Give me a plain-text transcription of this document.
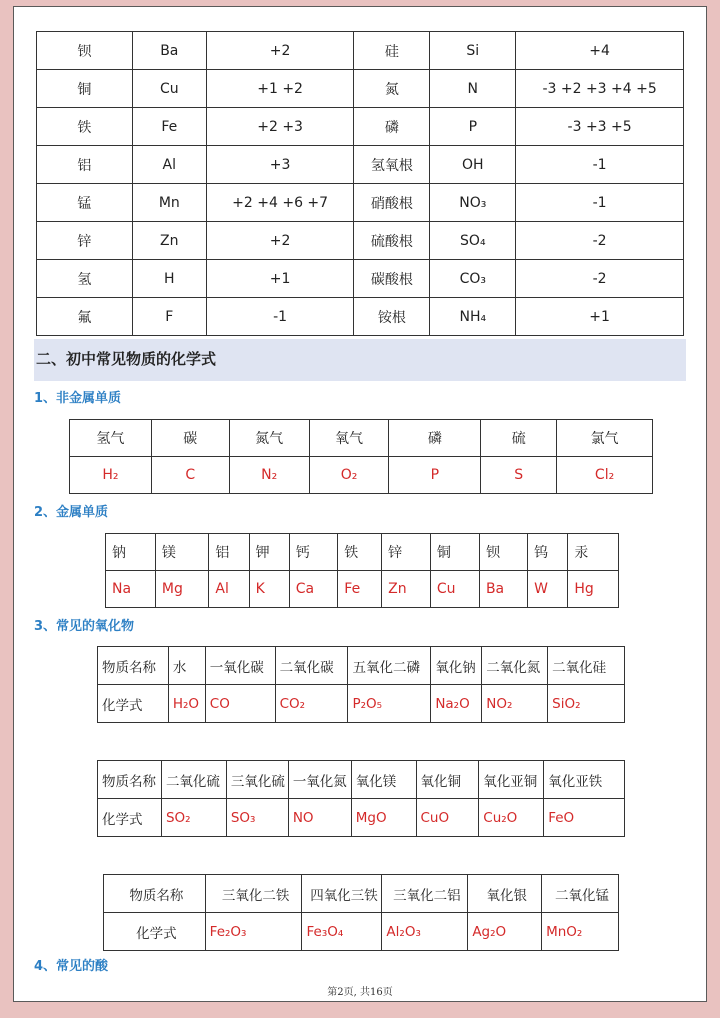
钡	Ba	+2	硅	Si	+4
铜	Cu	+1 +2	氮	N	-3 +2 +3 +4 +5
铁	Fe	+2 +3	磷	P	-3 +3 +5
铝	Al	+3	氢氧根	OH	-1
锰	Mn	+2 +4 +6 +7	硝酸根	NO₃	-1
锌	Zn	+2	硫酸根	SO₄	-2
氢	H	+1	碳酸根	CO₃	-2
氟	F	-1	铵根	NH₄	+1
二、初中常见物质的化学式
1、非金属单质
氢气	碳	氮气	氧气	磷	硫	氯气
H₂	C	N₂	O₂	P	S	Cl₂
2、金属单质
钠	镁	铝	钾	钙	铁	锌	铜	钡	钨	汞
Na	Mg	Al	K	Ca	Fe	Zn	Cu	Ba	W	Hg
3、常见的氧化物
物质名称	水	一氧化碳	二氧化碳	五氧化二磷	氧化钠	二氧化氮	二氧化硅
化学式	H₂O	CO	CO₂	P₂O₅	Na₂O	NO₂	SiO₂
物质名称	二氧化硫	三氧化硫	一氧化氮	氧化镁	氧化铜	氧化亚铜	氧化亚铁
化学式	SO₂	SO₃	NO	MgO	CuO	Cu₂O	FeO
物质名称	三氧化二铁	四氧化三铁	三氧化二铝	氧化银	二氧化锰
化学式	Fe₂O₃	Fe₃O₄	Al₂O₃	Ag₂O	MnO₂
4、常见的酸
第2页, 共16页
